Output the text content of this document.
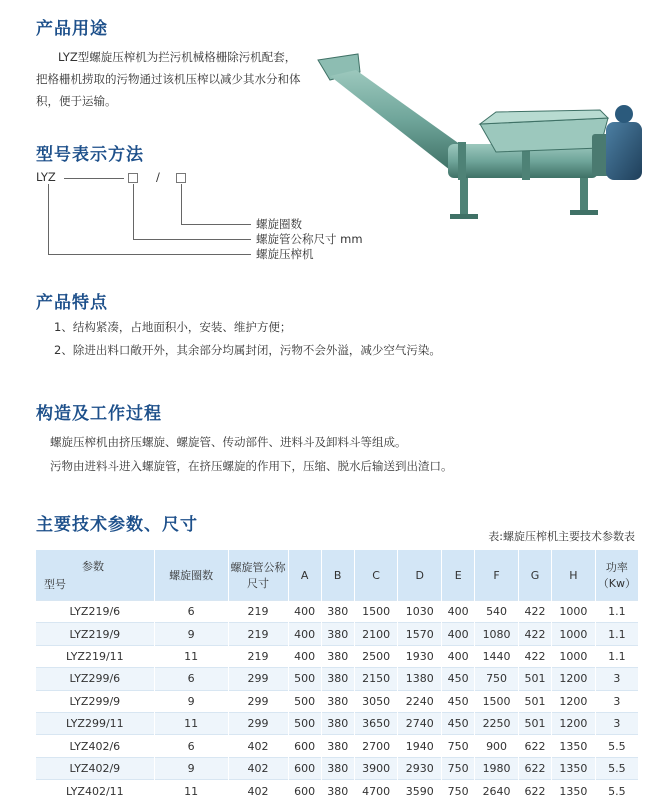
产品用途
LYZ型螺旋压榨机为拦污机械格栅除污机配套，把格栅机捞取的污物通过该机压榨以减少其水分和体积，便于运输。
型号表示方法
LYZ	/
螺旋圈数
螺旋管公称尺寸 mm
螺旋压榨机
产品特点
1、结构紧凑，占地面积小，安装、维护方便；
2、除进出料口敞开外，其余部分均属封闭，污物不会外溢，减少空气污染。
构造及工作过程
螺旋压榨机由挤压螺旋、螺旋管、传动部件、进料斗及卸料斗等组成。
污物由进料斗进入螺旋管，在挤压螺旋的作用下，压缩、脱水后输送到出渣口。
主要技术参数、尺寸
表:螺旋压榨机主要技术参数表
参数
型号	螺旋圈数	螺旋管公称尺寸	A	B	C	D	E	F	G	H	功率（Kw）
LYZ219/6	6	219	400	380	1500	1030	400	540	422	1000	1.1
LYZ219/9	9	219	400	380	2100	1570	400	1080	422	1000	1.1
LYZ219/11	11	219	400	380	2500	1930	400	1440	422	1000	1.1
LYZ299/6	6	299	500	380	2150	1380	450	750	501	1200	3
LYZ299/9	9	299	500	380	3050	2240	450	1500	501	1200	3
LYZ299/11	11	299	500	380	3650	2740	450	2250	501	1200	3
LYZ402/6	6	402	600	380	2700	1940	750	900	622	1350	5.5
LYZ402/9	9	402	600	380	3900	2930	750	1980	622	1350	5.5
LYZ402/11	11	402	600	380	4700	3590	750	2640	622	1350	5.5
